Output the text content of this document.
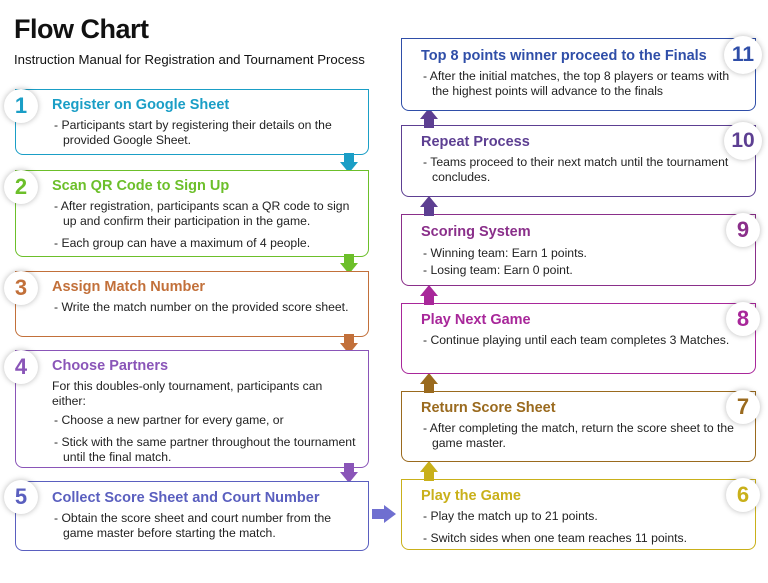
Flow Chart

Instruction Manual for Registration and Tournament Process

Register on Google Sheet
- Participants start by registering their details on the provided Google Sheet.
1
Scan QR Code to Sign Up
- After registration, participants scan a QR code to sign up and confirm their participation in the game.
- Each group can have a maximum of 4 people.
2
Assign Match Number
- Write the match number on the provided score sheet.
3
Choose Partners
For this doubles-only tournament, participants can either:
- Choose a new partner for every game, or
- Stick with the same partner throughout the tournament until the final match.
4
Collect Score Sheet and Court Number
- Obtain the score sheet and court number from the game master before starting the match.
5	Play the Game
- Play the match up to 21 points.
- Switch sides when one team reaches 11 points.
6
Return Score Sheet
- After completing the match, return the score sheet to the game master.
7
Play Next Game
- Continue playing until each team completes 3 Matches.
8
Scoring System
- Winning team: Earn 1 points.
- Losing team: Earn 0 point.
9
Repeat Process
- Teams proceed to their next match until the tournament concludes.
10
Top 8 points winner proceed to the Finals
- After the initial matches, the top 8 players or teams with the highest points will advance to the finals
11
